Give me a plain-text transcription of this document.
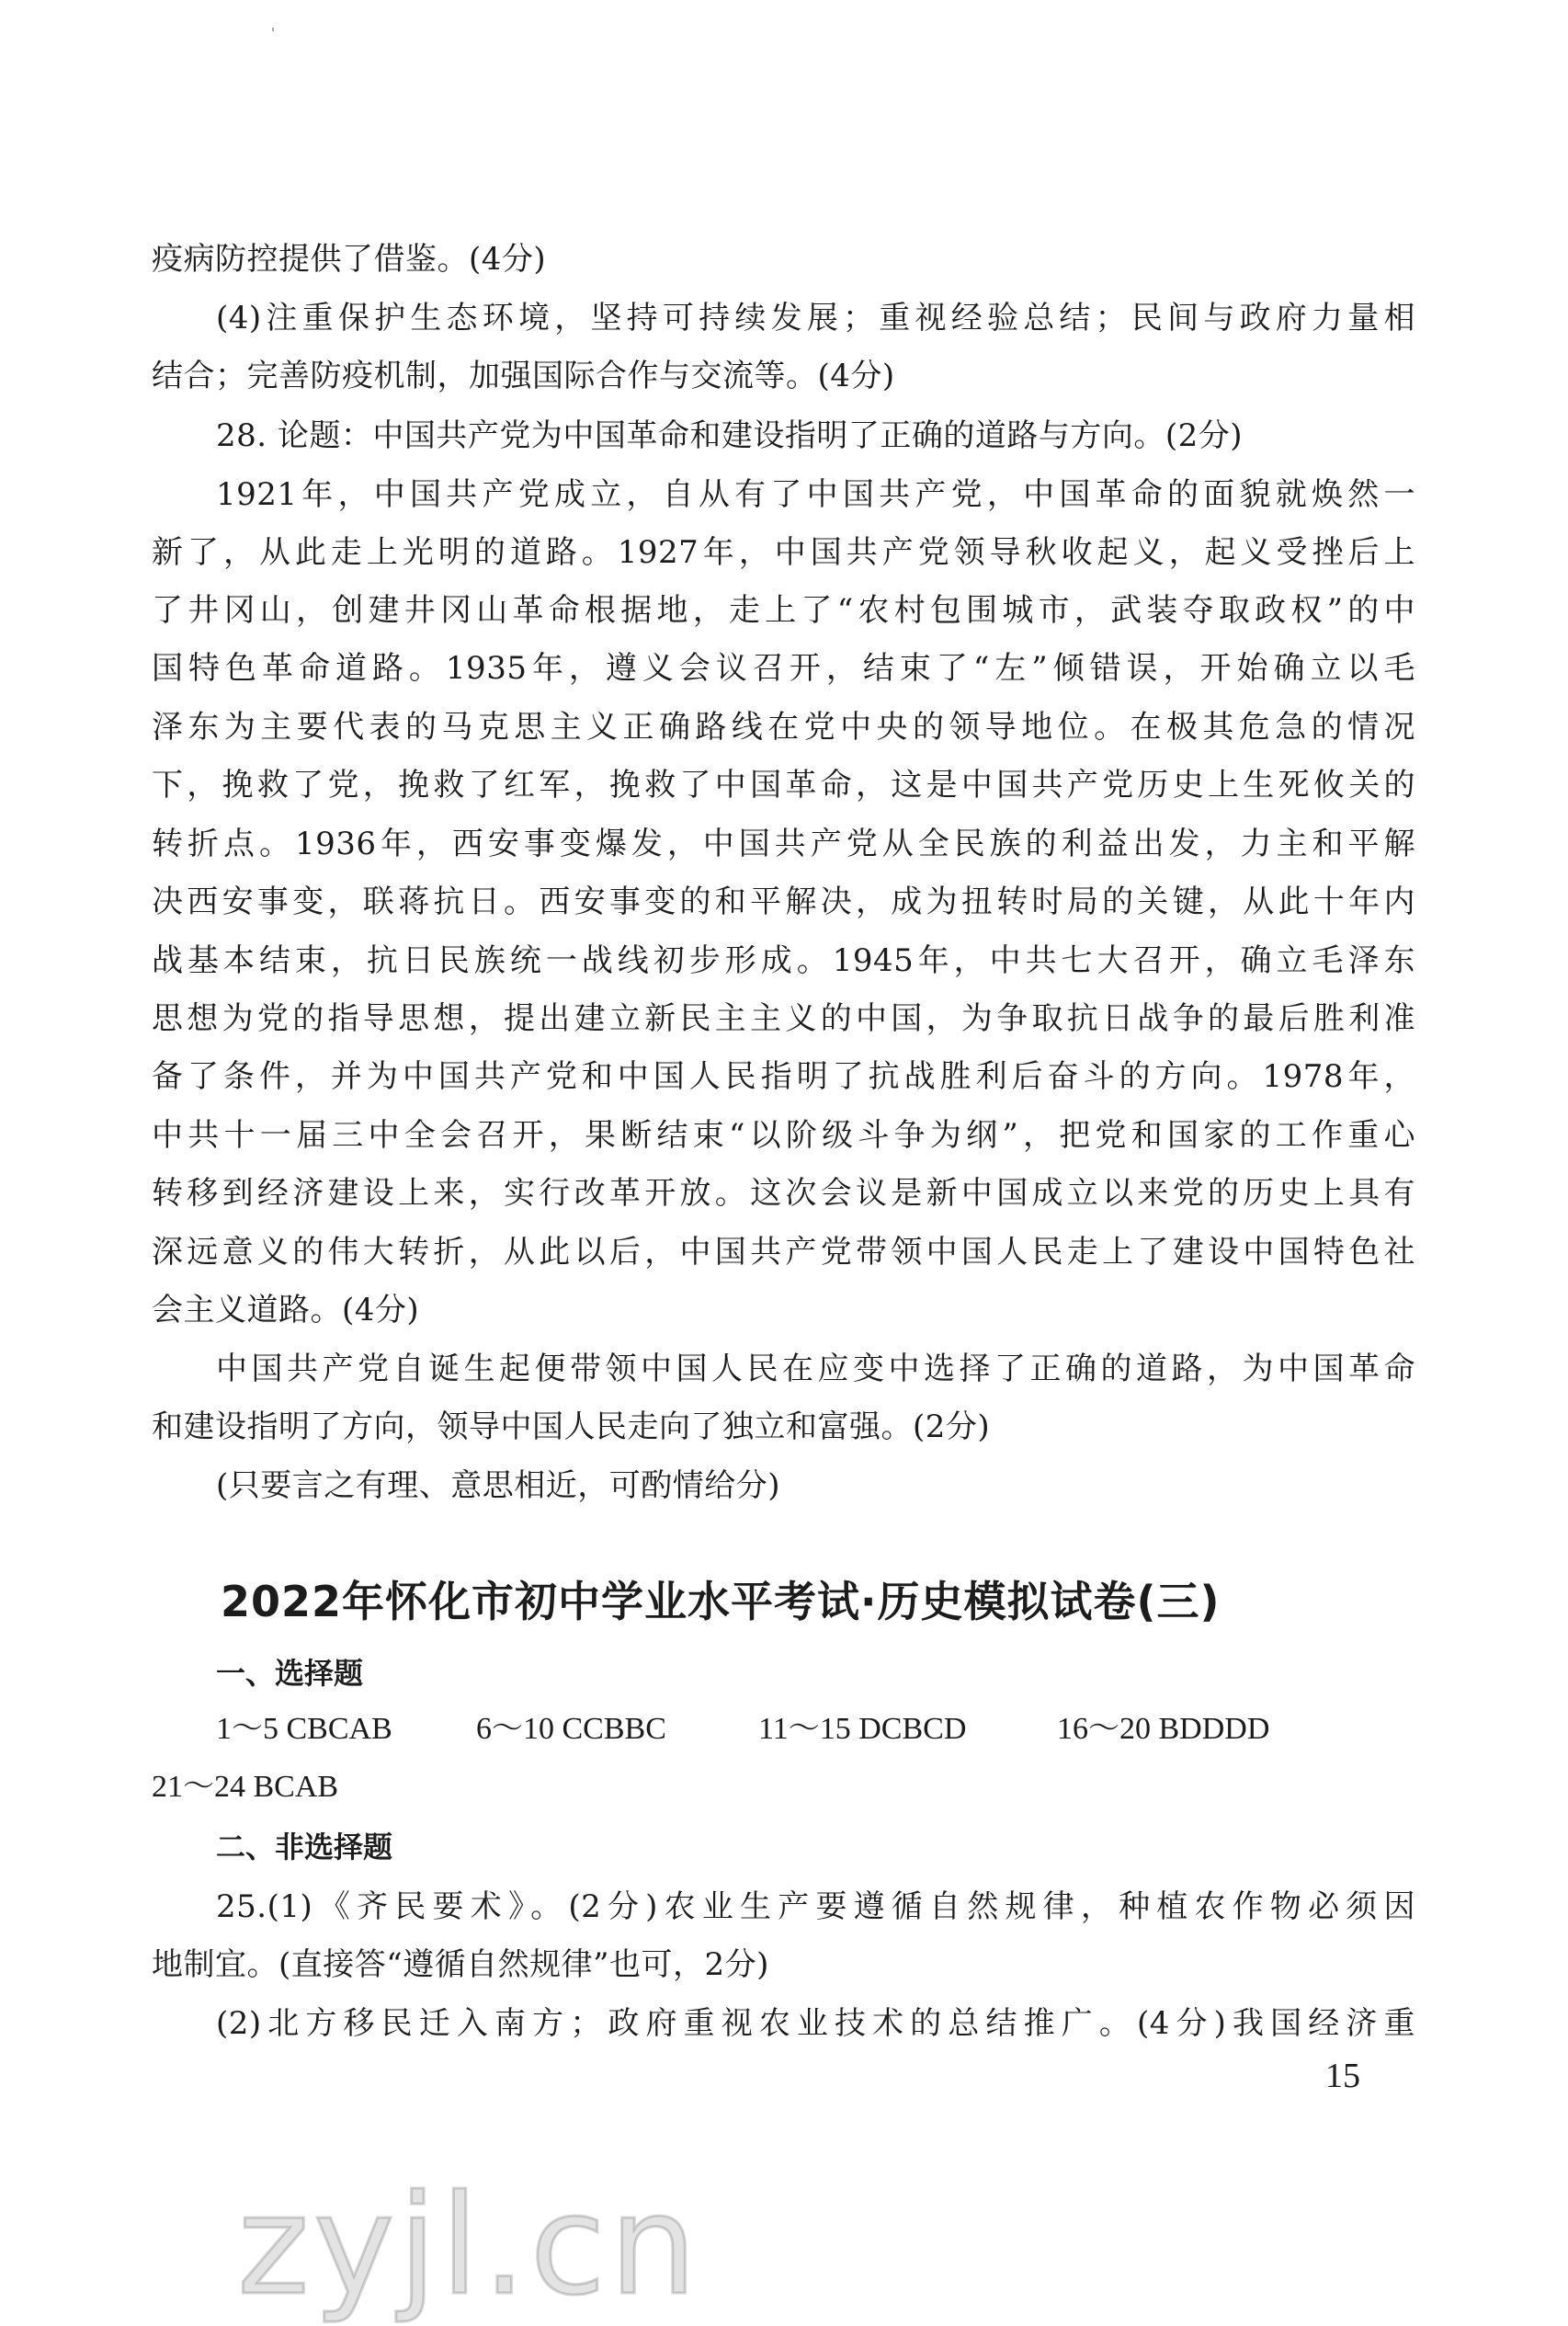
疫病防控提供了借鉴。(4分)
(4)注重保护生态环境，坚持可持续发展；重视经验总结；民间与政府力量相
结合；完善防疫机制，加强国际合作与交流等。(4分)
28. 论题：中国共产党为中国革命和建设指明了正确的道路与方向。(2分)
1921年，中国共产党成立，自从有了中国共产党，中国革命的面貌就焕然一
新了，从此走上光明的道路。1927年，中国共产党领导秋收起义，起义受挫后上
了井冈山，创建井冈山革命根据地，走上了“农村包围城市，武装夺取政权”的中
国特色革命道路。1935年，遵义会议召开，结束了“左”倾错误，开始确立以毛
泽东为主要代表的马克思主义正确路线在党中央的领导地位。在极其危急的情况
下，挽救了党，挽救了红军，挽救了中国革命，这是中国共产党历史上生死攸关的
转折点。1936年，西安事变爆发，中国共产党从全民族的利益出发，力主和平解
决西安事变，联蒋抗日。西安事变的和平解决，成为扭转时局的关键，从此十年内
战基本结束，抗日民族统一战线初步形成。1945年，中共七大召开，确立毛泽东
思想为党的指导思想，提出建立新民主主义的中国，为争取抗日战争的最后胜利准
备了条件，并为中国共产党和中国人民指明了抗战胜利后奋斗的方向。1978年，
中共十一届三中全会召开，果断结束“以阶级斗争为纲”，把党和国家的工作重心
转移到经济建设上来，实行改革开放。这次会议是新中国成立以来党的历史上具有
深远意义的伟大转折，从此以后，中国共产党带领中国人民走上了建设中国特色社
会主义道路。(4分)
中国共产党自诞生起便带领中国人民在应变中选择了正确的道路，为中国革命
和建设指明了方向，领导中国人民走向了独立和富强。(2分)
(只要言之有理、意思相近，可酌情给分)
2022年怀化市初中学业水平考试·历史模拟试卷(三)
一、选择题
1～5 CBCAB	6～10 CCBBC	11～15 DCBCD	16～20 BDDDD
21～24 BCAB
二、非选择题
25.(1)《齐民要术》。(2分)农业生产要遵循自然规律，种植农作物必须因
地制宜。(直接答“遵循自然规律”也可，2分)
(2)北方移民迁入南方；政府重视农业技术的总结推广。(4分)我国经济重
15
zyjl.cn
